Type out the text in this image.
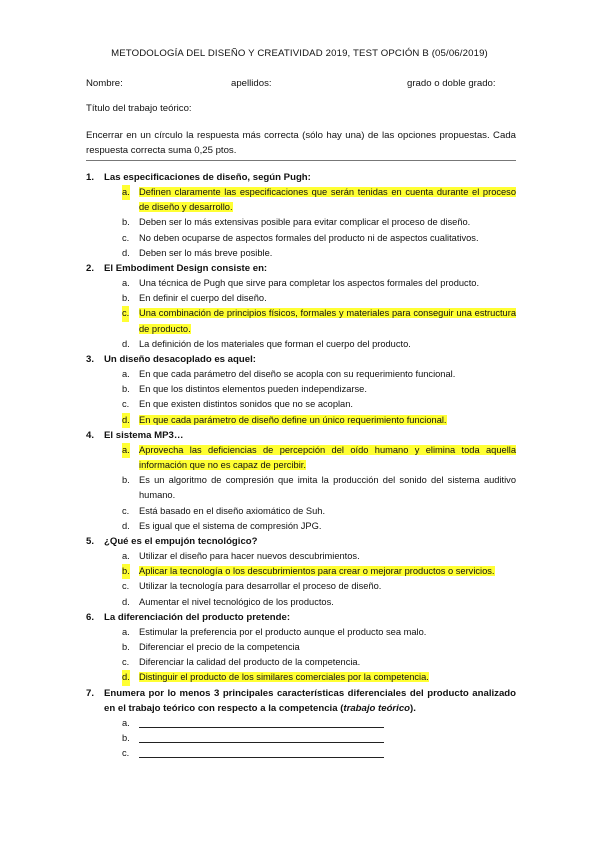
METODOLOGÍA DEL DISEÑO Y CREATIVIDAD 2019, TEST OPCIÓN B (05/06/2019)
Nombre:	apellidos:	grado o doble grado:
Título del trabajo teórico:
Encerrar en un círculo la respuesta más correcta (sólo hay una) de las opciones propuestas. Cada respuesta correcta suma 0,25 ptos.
1. Las especificaciones de diseño, según Pugh:
a. Definen claramente las especificaciones que serán tenidas en cuenta durante el proceso de diseño y desarrollo.
b. Deben ser lo más extensivas posible para evitar complicar el proceso de diseño.
c. No deben ocuparse de aspectos formales del producto ni de aspectos cualitativos.
d. Deben ser lo más breve posible.
2. El Embodiment Design consiste en:
a. Una técnica de Pugh que sirve para completar los aspectos formales del producto.
b. En definir el cuerpo del diseño.
c. Una combinación de principios físicos, formales y materiales para conseguir una estructura de producto.
d. La definición de los materiales que forman el cuerpo del producto.
3. Un diseño desacoplado es aquel:
a. En que cada parámetro del diseño se acopla con su requerimiento funcional.
b. En que los distintos elementos pueden independizarse.
c. En que existen distintos sonidos que no se acoplan.
d. En que cada parámetro de diseño define un único requerimiento funcional.
4. El sistema MP3…
a. Aprovecha las deficiencias de percepción del oído humano y elimina toda aquella información que no es capaz de percibir.
b. Es un algoritmo de compresión que imita la producción del sonido del sistema auditivo humano.
c. Está basado en el diseño axiomático de Suh.
d. Es igual que el sistema de compresión JPG.
5. ¿Qué es el empujón tecnológico?
a. Utilizar el diseño para hacer nuevos descubrimientos.
b. Aplicar la tecnología o los descubrimientos para crear o mejorar productos o servicios.
c. Utilizar la tecnología para desarrollar el proceso de diseño.
d. Aumentar el nivel tecnológico de los productos.
6. La diferenciación del producto pretende:
a. Estimular la preferencia por el producto aunque el producto sea malo.
b. Diferenciar el precio de la competencia
c. Diferenciar la calidad del producto de la competencia.
d. Distinguir el producto de los similares comerciales por la competencia.
7. Enumera por lo menos 3 principales características diferenciales del producto analizado en el trabajo teórico con respecto a la competencia (trabajo teórico).
a.
b.
c.
